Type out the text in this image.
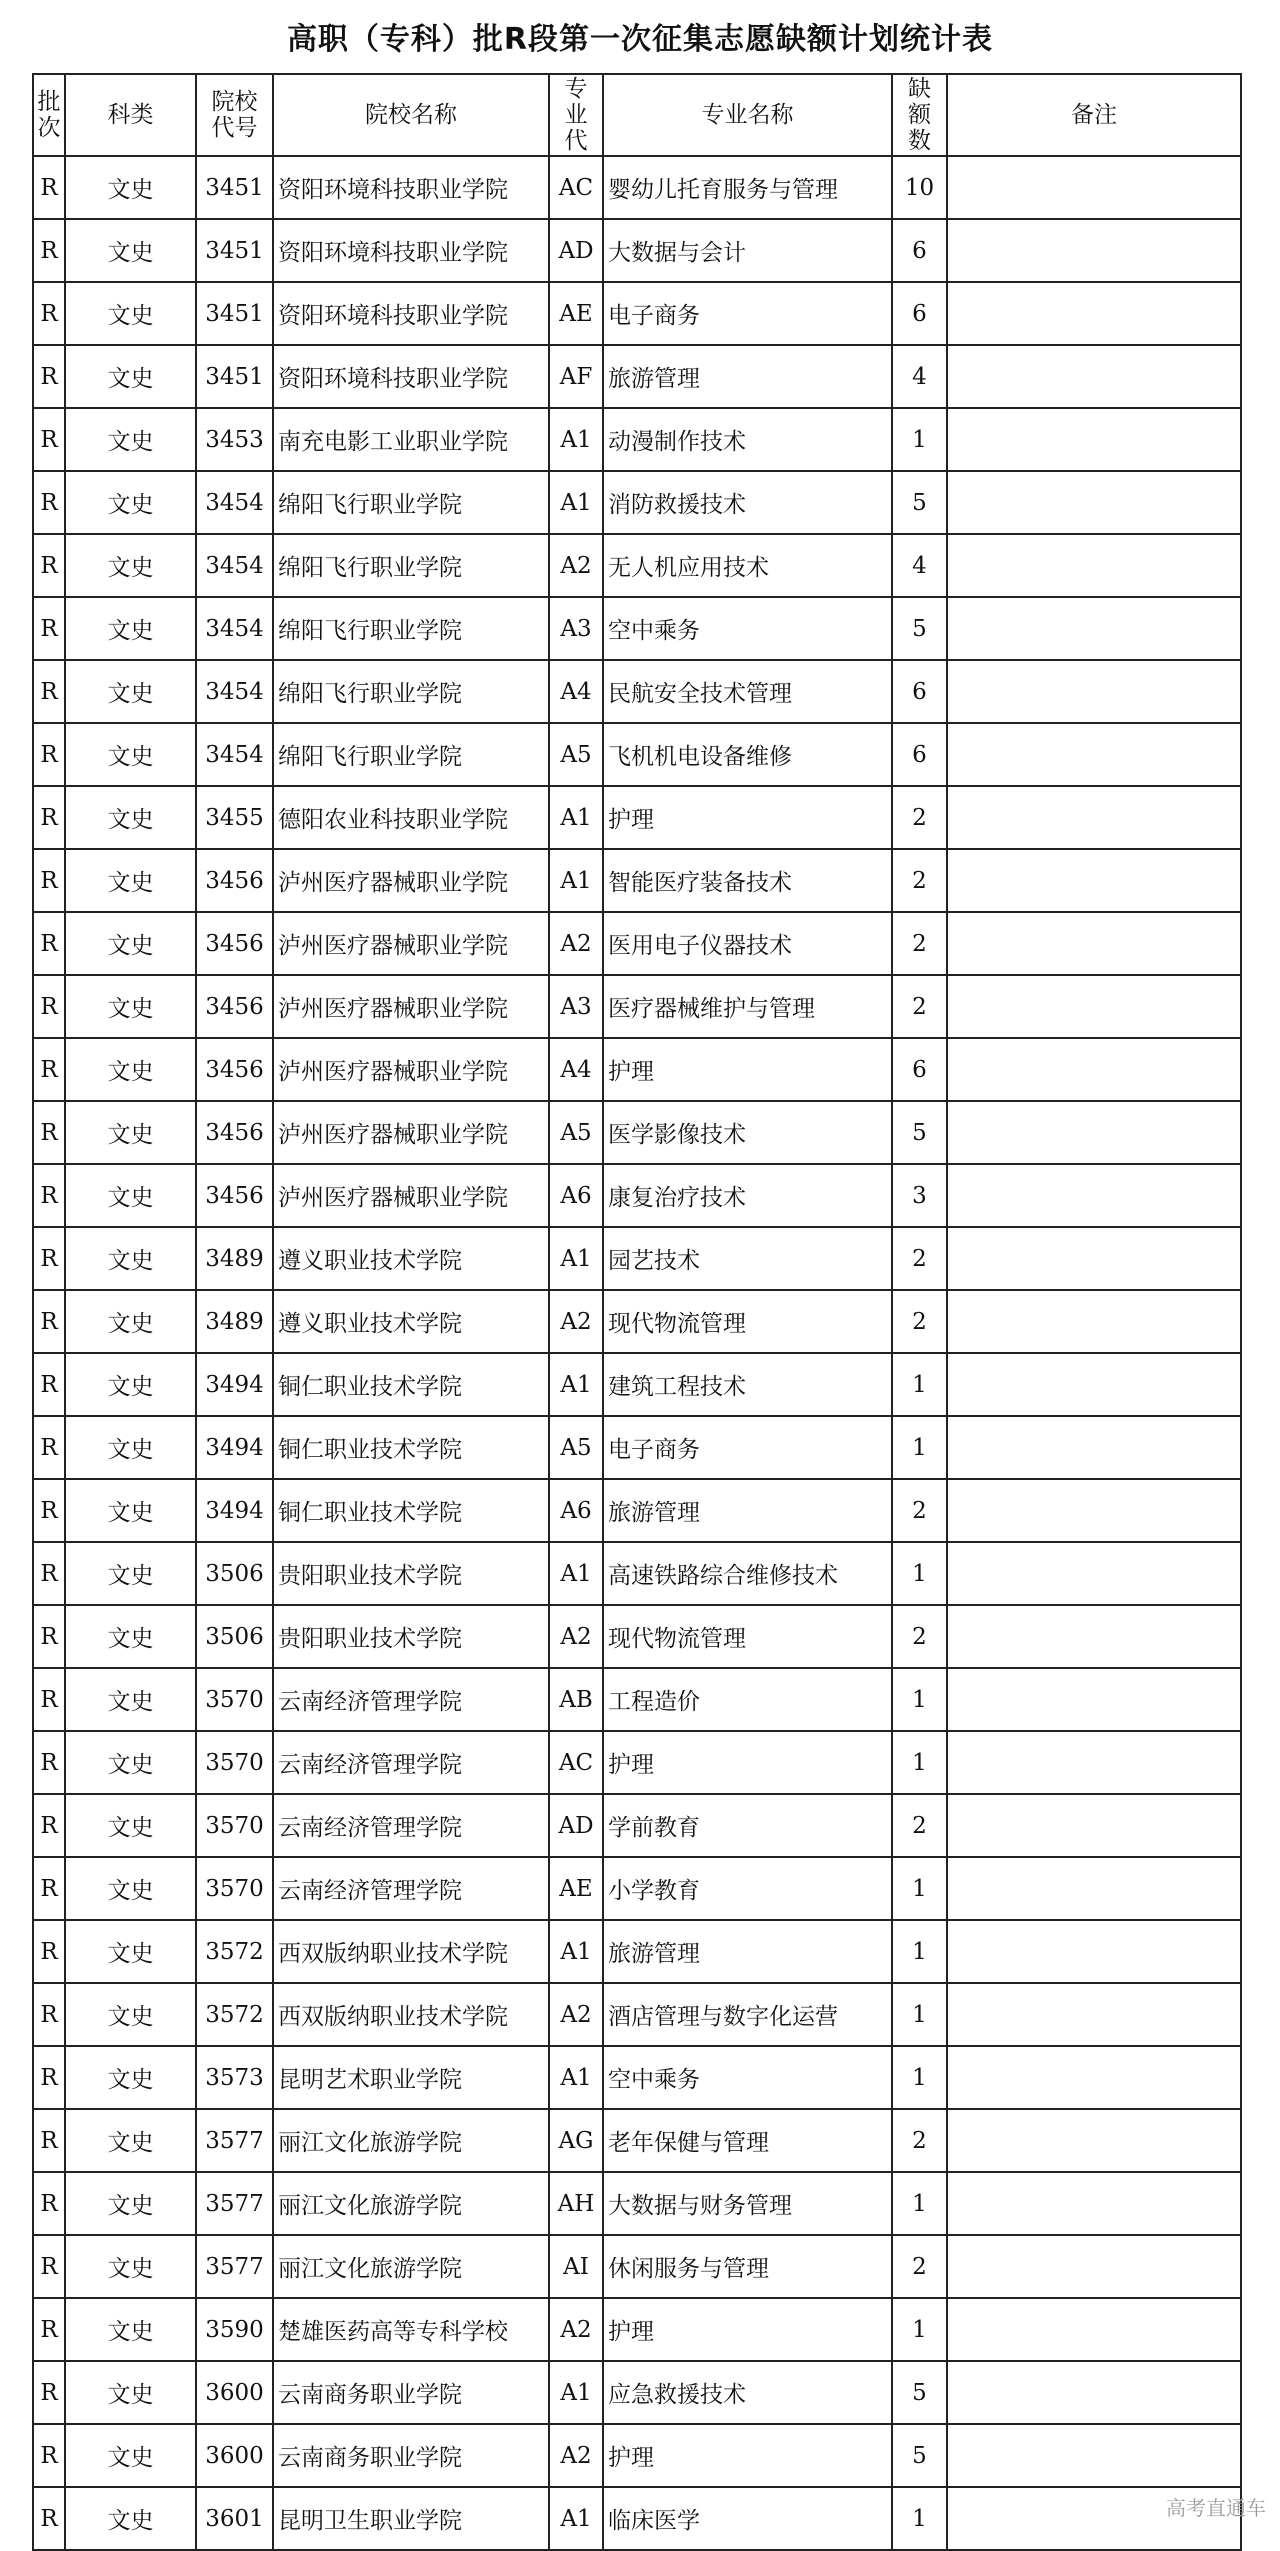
高职（专科）批R段第一次征集志愿缺额计划统计表
批
次	科类	院校
代号	院校名称	专
业
代	专业名称	缺
额
数	备注
R	文史	3451	资阳环境科技职业学院	AC	婴幼儿托育服务与管理	10	
R	文史	3451	资阳环境科技职业学院	AD	大数据与会计	6	
R	文史	3451	资阳环境科技职业学院	AE	电子商务	6	
R	文史	3451	资阳环境科技职业学院	AF	旅游管理	4	
R	文史	3453	南充电影工业职业学院	A1	动漫制作技术	1	
R	文史	3454	绵阳飞行职业学院	A1	消防救援技术	5	
R	文史	3454	绵阳飞行职业学院	A2	无人机应用技术	4	
R	文史	3454	绵阳飞行职业学院	A3	空中乘务	5	
R	文史	3454	绵阳飞行职业学院	A4	民航安全技术管理	6	
R	文史	3454	绵阳飞行职业学院	A5	飞机机电设备维修	6	
R	文史	3455	德阳农业科技职业学院	A1	护理	2	
R	文史	3456	泸州医疗器械职业学院	A1	智能医疗装备技术	2	
R	文史	3456	泸州医疗器械职业学院	A2	医用电子仪器技术	2	
R	文史	3456	泸州医疗器械职业学院	A3	医疗器械维护与管理	2	
R	文史	3456	泸州医疗器械职业学院	A4	护理	6	
R	文史	3456	泸州医疗器械职业学院	A5	医学影像技术	5	
R	文史	3456	泸州医疗器械职业学院	A6	康复治疗技术	3	
R	文史	3489	遵义职业技术学院	A1	园艺技术	2	
R	文史	3489	遵义职业技术学院	A2	现代物流管理	2	
R	文史	3494	铜仁职业技术学院	A1	建筑工程技术	1	
R	文史	3494	铜仁职业技术学院	A5	电子商务	1	
R	文史	3494	铜仁职业技术学院	A6	旅游管理	2	
R	文史	3506	贵阳职业技术学院	A1	高速铁路综合维修技术	1	
R	文史	3506	贵阳职业技术学院	A2	现代物流管理	2	
R	文史	3570	云南经济管理学院	AB	工程造价	1	
R	文史	3570	云南经济管理学院	AC	护理	1	
R	文史	3570	云南经济管理学院	AD	学前教育	2	
R	文史	3570	云南经济管理学院	AE	小学教育	1	
R	文史	3572	西双版纳职业技术学院	A1	旅游管理	1	
R	文史	3572	西双版纳职业技术学院	A2	酒店管理与数字化运营	1	
R	文史	3573	昆明艺术职业学院	A1	空中乘务	1	
R	文史	3577	丽江文化旅游学院	AG	老年保健与管理	2	
R	文史	3577	丽江文化旅游学院	AH	大数据与财务管理	1	
R	文史	3577	丽江文化旅游学院	AI	休闲服务与管理	2	
R	文史	3590	楚雄医药高等专科学校	A2	护理	1	
R	文史	3600	云南商务职业学院	A1	应急救援技术	5	
R	文史	3600	云南商务职业学院	A2	护理	5	
R	文史	3601	昆明卫生职业学院	A1	临床医学	1		高考直通车
